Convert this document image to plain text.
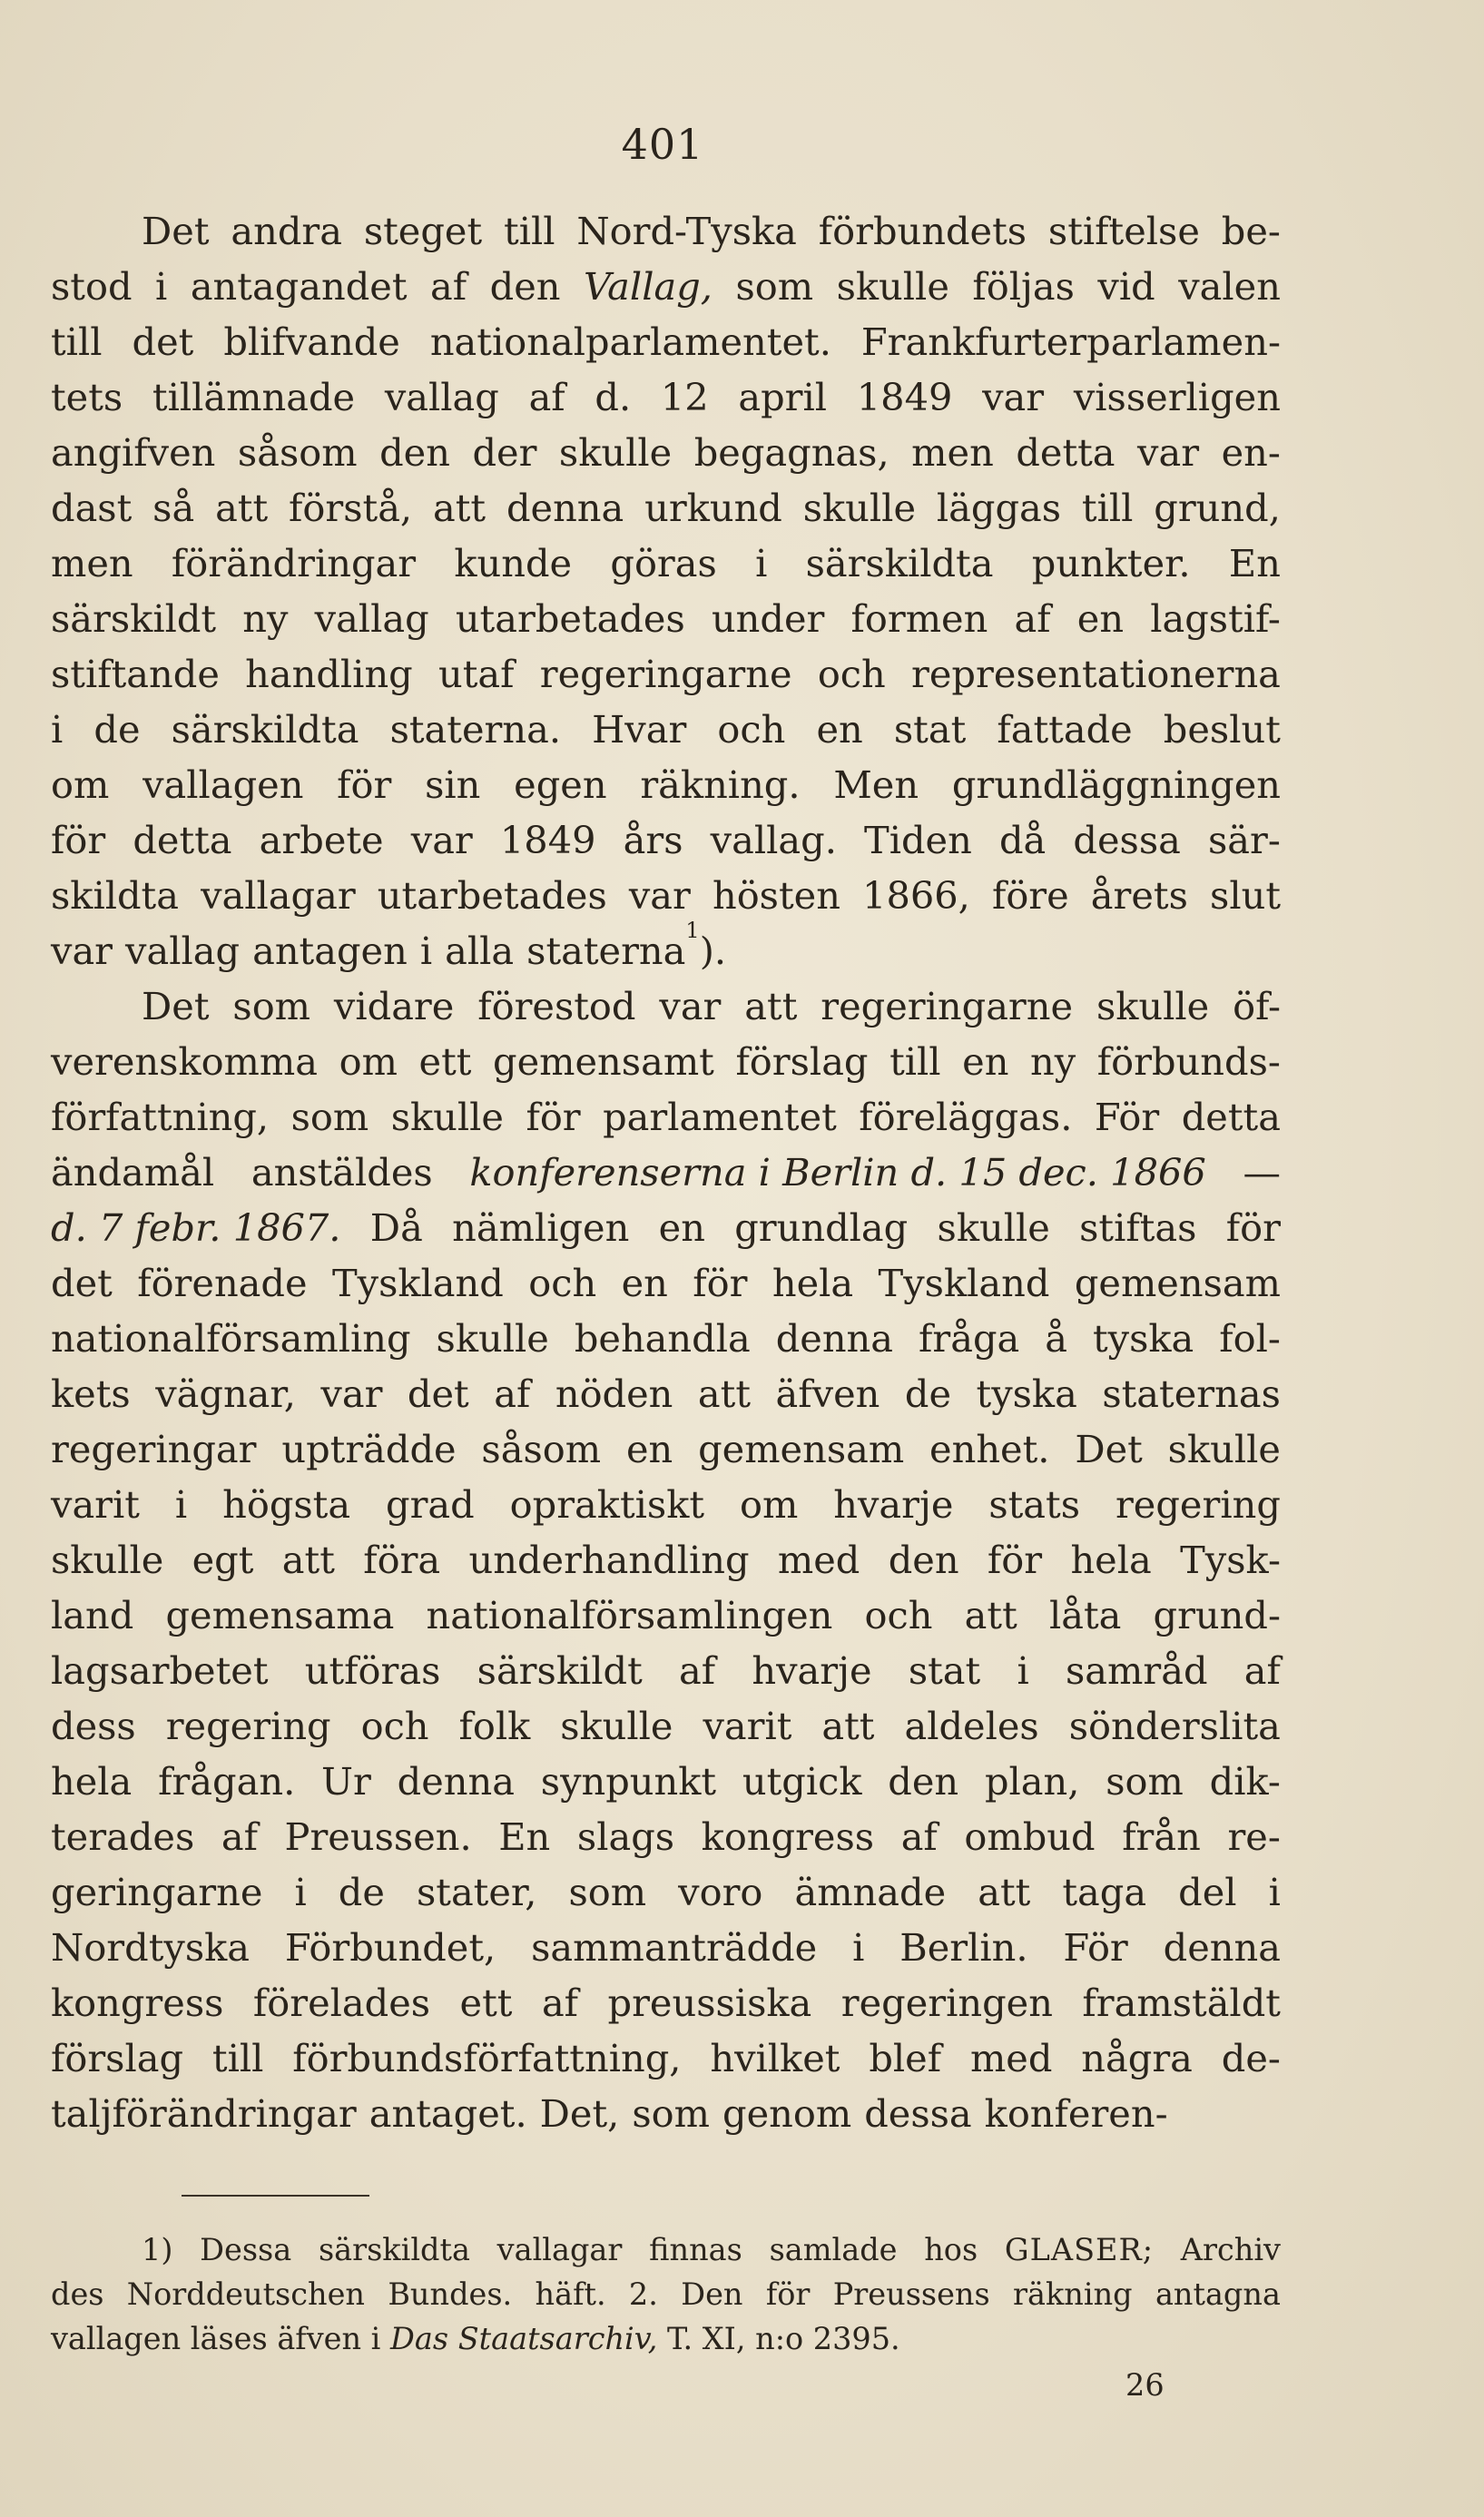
401
Det andra steget till Nord-Tyska förbundets stiftelse be-
stod i antagandet af den Vallag, som skulle följas vid valen
till det blifvande nationalparlamentet. Frankfurterparlamen-
tets tillämnade vallag af d. 12 april 1849 var visserligen
angifven såsom den der skulle begagnas, men detta var en-
dast så att förstå, att denna urkund skulle läggas till grund,
men förändringar kunde göras i särskildta punkter. En
särskildt ny vallag utarbetades under formen af en lagstif-
stiftande handling utaf regeringarne och representationerna
i de särskildta staterna. Hvar och en stat fattade beslut
om vallagen för sin egen räkning. Men grundläggningen
för detta arbete var 1849 års vallag. Tiden då dessa sär-
skildta vallagar utarbetades var hösten 1866, före årets slut
var vallag antagen i alla staterna$^1$).
Det som vidare förestod var att regeringarne skulle öf-
verenskomma om ett gemensamt förslag till en ny förbunds-
författning, som skulle för parlamentet föreläggas. För detta
ändamål anstäldes konferenserna i Berlin d. 15 dec. 1866 —
d. 7 febr. 1867. Då nämligen en grundlag skulle stiftas för
det förenade Tyskland och en för hela Tyskland gemensam
nationalförsamling skulle behandla denna fråga å tyska fol-
kets vägnar, var det af nöden att äfven de tyska staternas
regeringar upträdde såsom en gemensam enhet. Det skulle
varit i högsta grad opraktiskt om hvarje stats regering
skulle egt att föra underhandling med den för hela Tysk-
land gemensama nationalförsamlingen och att låta grund-
lagsarbetet utföras särskildt af hvarje stat i samråd af
dess regering och folk skulle varit att aldeles sönderslita
hela frågan. Ur denna synpunkt utgick den plan, som dik-
terades af Preussen. En slags kongress af ombud från re-
geringarne i de stater, som voro ämnade att taga del i
Nordtyska Förbundet, sammanträdde i Berlin. För denna
kongress förelades ett af preussiska regeringen framstäldt
förslag till förbundsförfattning, hvilket blef med några de-
taljförändringar antaget. Det, som genom dessa konferen-
1) Dessa särskildta vallagar finnas samlade hos GLASER; Archiv
des Norddeutschen Bundes. häft. 2. Den för Preussens räkning antagna
vallagen läses äfven i Das Staatsarchiv, T. XI, n:o 2395.
26
